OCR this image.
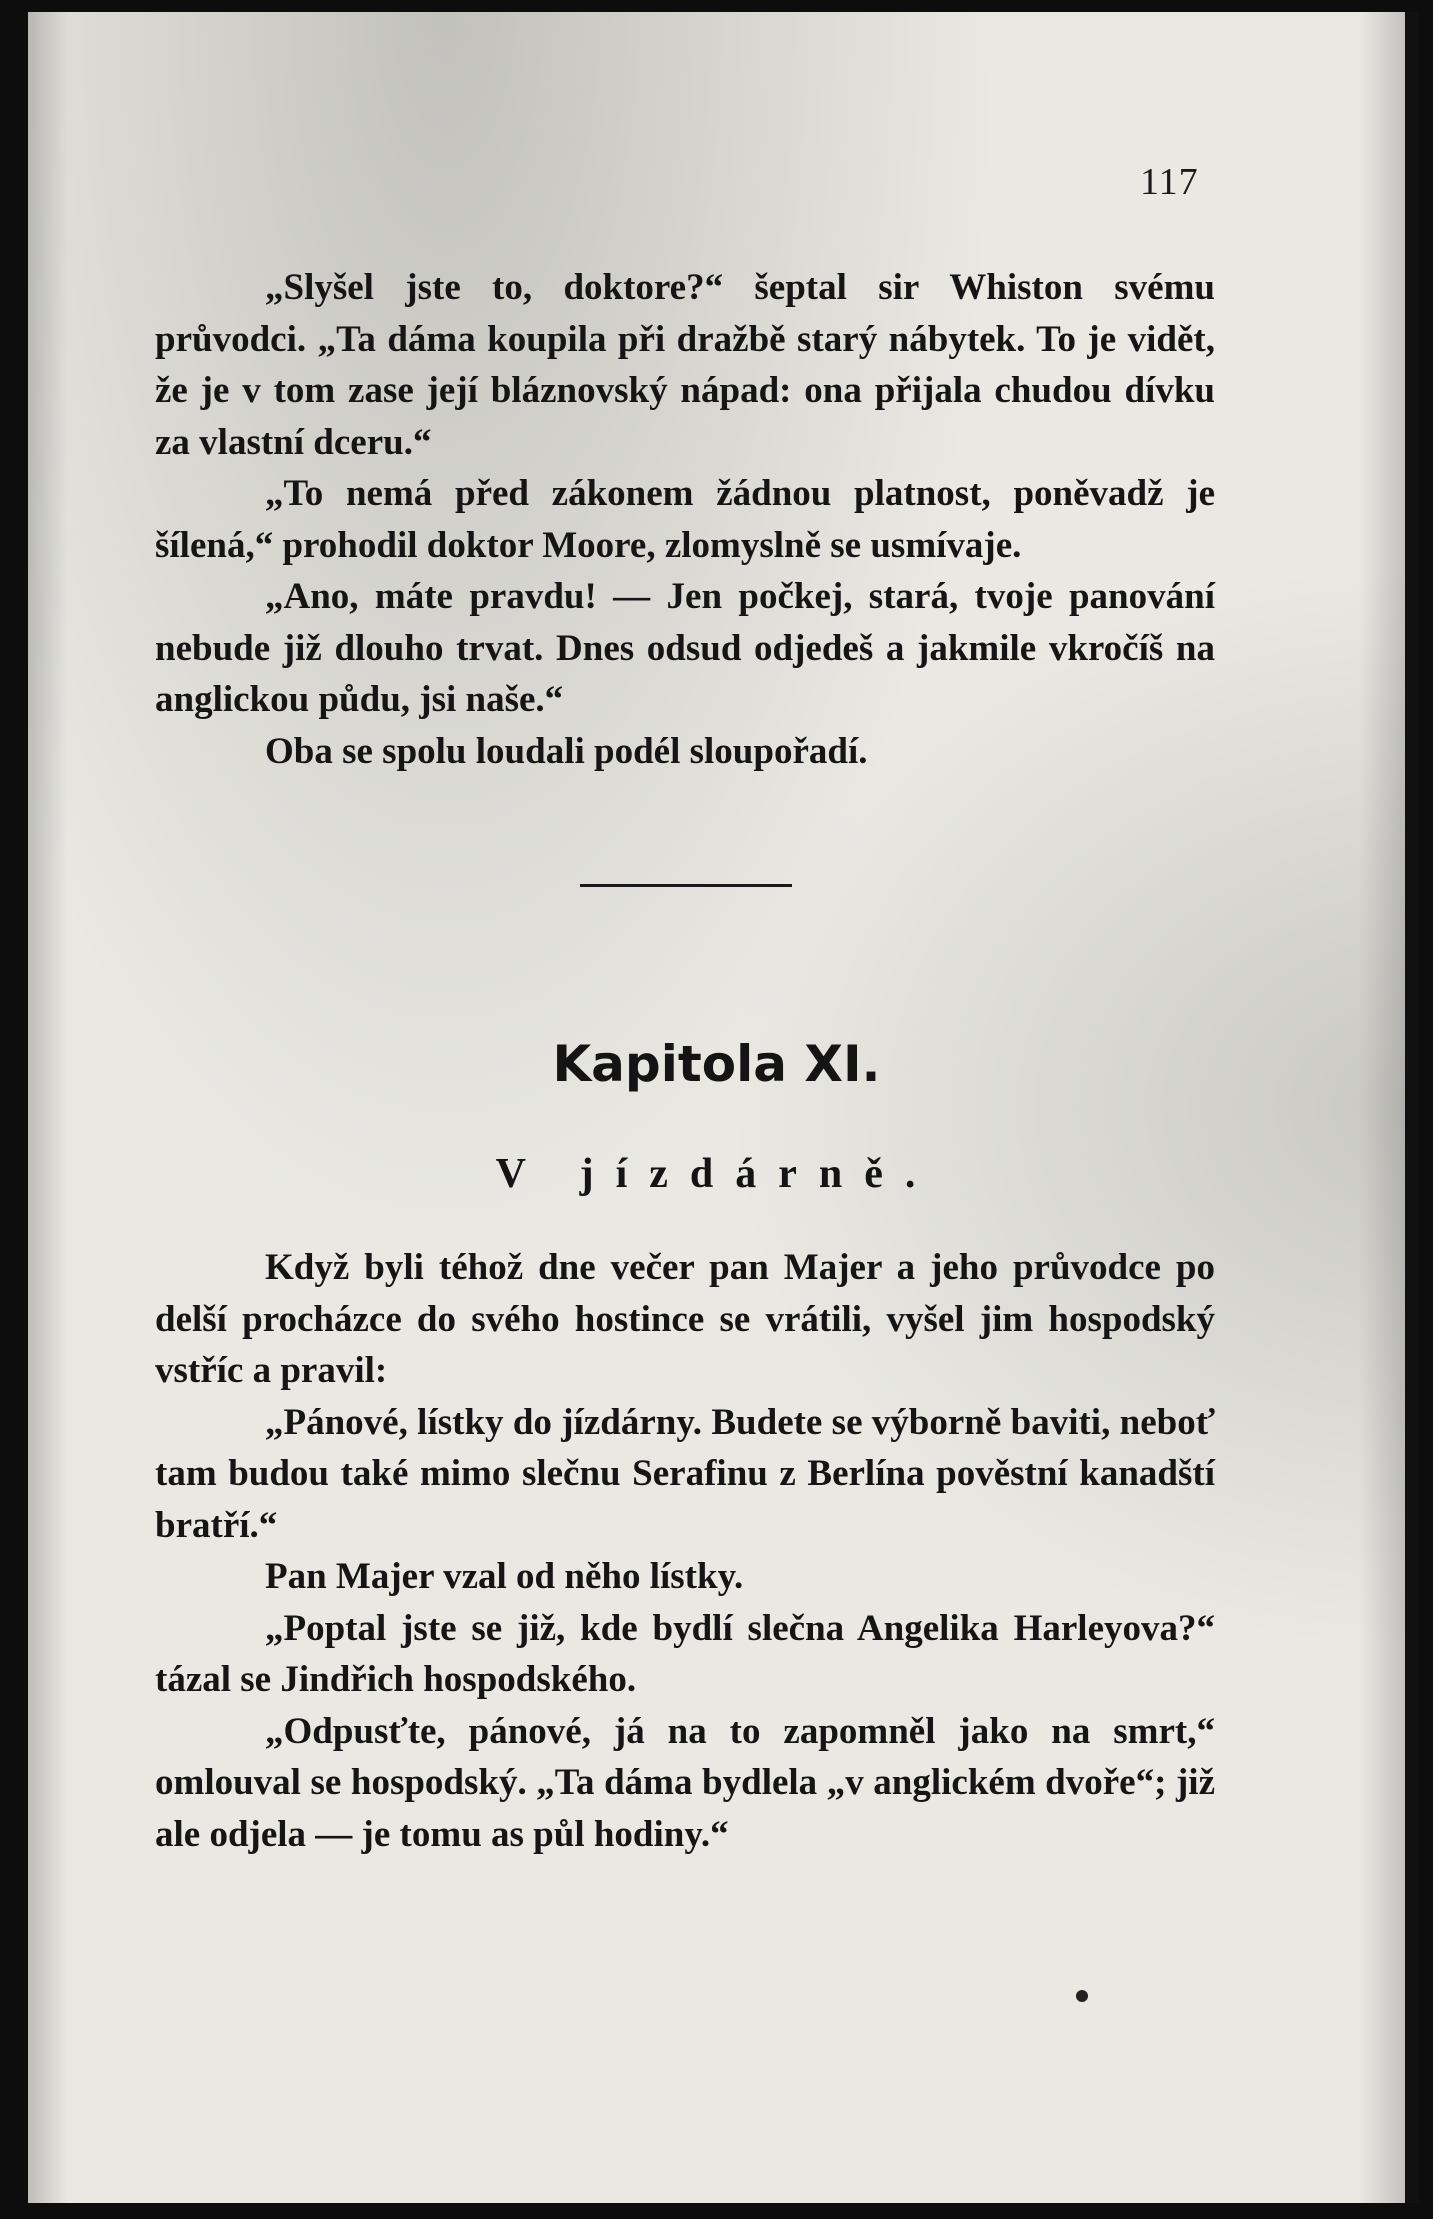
117

„Slyšel jste to, doktore?“ šeptal sir Whiston svému průvodci. „Ta dáma koupila při dražbě starý nábytek. To je vidět, že je v tom zase její bláznovský nápad: ona přijala chudou dívku za vlastní dceru.“

„To nemá před zákonem žádnou platnost, poněvadž je šílená,“ prohodil doktor Moore, zlomyslně se usmívaje.

„Ano, máte pravdu! — Jen počkej, stará, tvoje panování nebude již dlouho trvat. Dnes odsud odjedeš a jakmile vkročíš na anglickou půdu, jsi naše.“

Oba se spolu loudali podél sloupořadí.

Kapitola XI.
V jízdárně.

Když byli téhož dne večer pan Majer a jeho průvodce po delší procházce do svého hostince se vrátili, vyšel jim hospodský vstříc a pravil:

„Pánové, lístky do jízdárny. Budete se výborně baviti, neboť tam budou také mimo slečnu Serafinu z Berlína pověstní kanadští bratří.“

Pan Majer vzal od něho lístky.

„Poptal jste se již, kde bydlí slečna Angelika Harleyova?“ tázal se Jindřich hospodského.

„Odpusťte, pánové, já na to zapomněl jako na smrt,“ omlouval se hospodský. „Ta dáma bydlela „v anglickém dvoře“; již ale odjela — je tomu as půl hodiny.“
